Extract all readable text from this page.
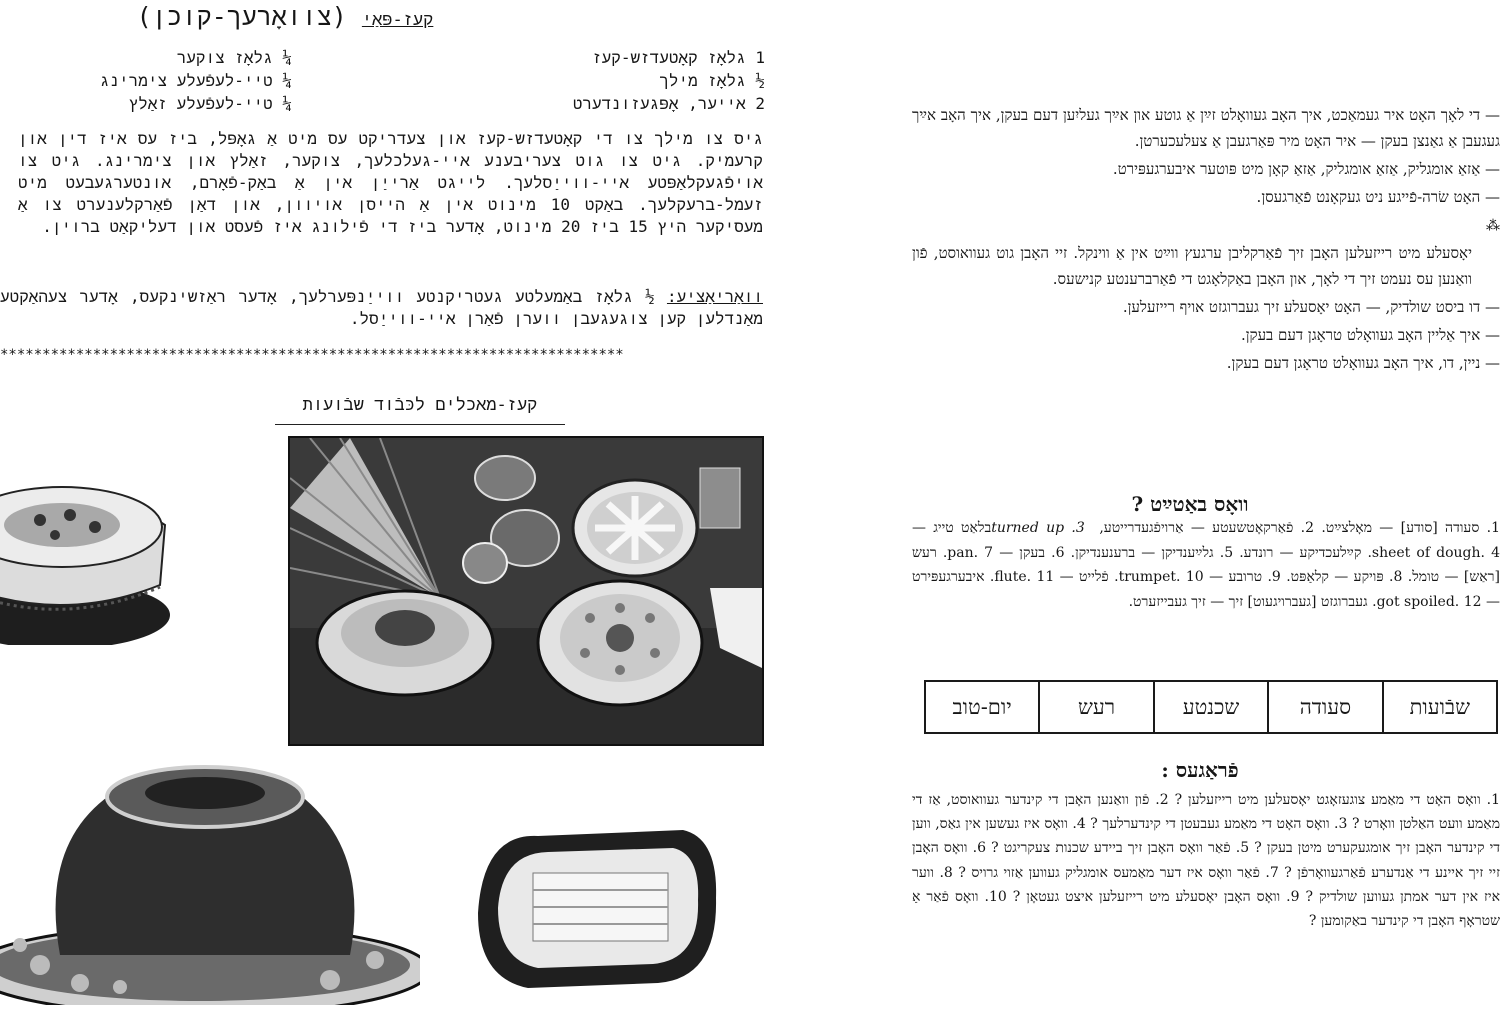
קעז-פּאַי (צוואָרעך-קוכן)
1 גלאָז קאָטעדזש-קעז
½ גלאָז מילך
2 אייער, אָפּגעזונדערט
¼ גלאָז צוקער
¼ טיי-לעפֿעלע צימרינג
¼ טיי-לעפֿעלע זאַלץ
גיס צו מילך צו די קאָטעדזש-קעז און צעדריקט עס מיט אַ גאָפּל, ביז עס איז דין און קרעמיק. גיט צו גוט צעריבענע איי-געלכלעך, צוקער, זאַלץ און צימרינג. גיט צו אויפֿגעקלאַפּטע איי-ווייַסלעך. לייגט אַרייַן אין אַ באַק-פֿאָרם, אונטערגעבעט מיט זעמל-ברעקלעך. באַקט 10 מינוט אין אַ הייסן אויוון, און דאַן פֿאַרקלענערט צו אַ מעסיקער היץ 15 ביז 20 מינוט, אָדער ביז די פֿילונג איז פֿעסט און דעליקאַט ברוין.
וואַריאַציע: ½ גלאָז באַמעלטע געטריקנטע ווייַנפּערלעך, אָדער ראַזשינקעס, אָדער צעהאַקטע מאַנדלען קען צוגעגעבן ווערן פֿאַרן איי-ווייַסל.
**************************************************************************
קעז-מאכלים לכּבֿוד שבֿועות

— די לאָך האָט איר געמאַכט, איך האָב געוואָלט זײַן אַ גוטע און אײַך געליִען דעם בעקן, איך האָב אײַך געגעבן אַ גאַנצן בעקן — איר האָט מיר פּאַרגעבן אַ צעלעכערטן.

— אַזאַ אומגליק, אַזאַ אומגליק, אַזאַ קאָן מיט פּוטער איבערגעפּירט.

— האָט שׂרה-פֿייגע ניט געקאָנט פֿאַרגעסן.

⁂

יאָסעלע מיט רייזעלען האָבן זיך פֿאַרקליבן ערגעץ ווײַט אין אַ ווינקל. זיי האָבן גוט געוואוסט, פֿון וואַנען עס נעמט זיך די לאָך, און האָבן באַקלאָגט די פֿאַרברענטע קנישעס.

— דו ביסט שולדיק, — האָט יאָסעלע זיך געברוגזט אויף רייזעלען.

— איך אַליין האָב געוואָלט טראָגן דעם בעקן.

— ניין, דו, איך האָב געוואָלט טראָגן דעם בעקן.

וואָס באַטײַט ?
1. סעודה [סודע] — מאָלצײַט. 2. פֿאַרקאָטשעטע — אַרויפֿגעדרייטע, turned up .3 בלאַט טייג — sheet of dough. 4. קײַלעכדיקע — רונדע. 5. גלײַענדיקן — ברענענדיקן. 6. בעקן — pan. 7. רעש [ראַש] — טומל. 8. פּויקע — קלאַפּט. 9. טרובע — trumpet. 10. פֿלייט — flute. 11. איבערגעפּירט — got spoiled. 12. געברוגזט [געברויגעוט] זיך — זיך געבייזערט.
שבֿועות
סעודה
שכנטע
רעש
יום-טוב
פֿראַגעס :
1. וואָס האָט די מאַמע צוגעזאָגט יאָסעלען מיט רייזעלען ? 2. פֿון וואַנען האָבן די קינדער געוואוסט, אַז די מאַמע וועט האַלטן וואָרט ? 3. וואָס האָט די מאַמע געבעטן די קינדערלעך ? 4. וואָס איז געשען אין גאַס, ווען די קינדער האָבן זיך אומגעקערט מיטן בעקן ? 5. פֿאַר וואָס האָבן זיך ביידע שכנות צעקריגט ? 6. וואָס האָבן זיי זיך איינע די אַנדערע פֿאַרגעוואָרפֿן ? 7. פֿאַר וואָס איז דער מאַמעס אומגליק געווען אַזוי גרויס ? 8. ווער איז אין דער אמתן געווען שולדיק ? 9. וואָס האָבן יאָסעלע מיט רייזעלען איצט געטאָן ? 10. וואָס פֿאַר אַ שטראָף האָבן די קינדער באַקומען ?
